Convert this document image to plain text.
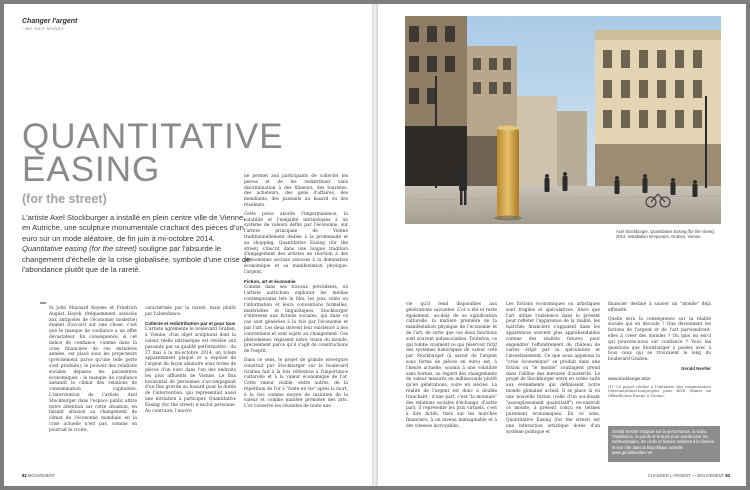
Changer l'argent
/ WE SHIT MONEY
QUANTITATIVE
EASING
(for the street)
L'artiste Axel Stockburger a installé en plein centre ville de Vienne, en Autriche, une sculpture monumentale crachant des pièces d'un euro sur un mode aléatoire, de fin juin à mi-octobre 2014. Quantitative easing (for the street) souligne par l'absurde le changement d'échelle de la crise globalisée, symbole d'une crise de l'abondance plutôt que de la rareté.

Si John Maynard Keynes et Friedrich August Hayek (fréquemment associés aux antipodes de l'économie moderne) étaient d'accord sur une chose, c'est que le manque de confiance a un effet dévastateur. En conséquence, si cet indice de confiance, comme dans la crise financière de ces dernières années, est placé sous les projecteurs (précisément parce qu'une telle perte s'est produite), le pouvoir des relations sociales dépasse les paramètres économiques : le manque de confiance anéantit le climat des relations de consommation capitaliste. L'intervention de l'artiste Axel Stockburger dans l'espace public attire notre attention sur cette situation, en faisant allusion au changement de climat de l'économie mondiale en la crise actuelle n'est pas, comme on pourrait le croire,

caractérisée par la rareté, mais plutôt par l'abondance.

Collecte et redistribution par et pour tous

L'artiste agrémente le boulevard Graben, à Vienne, d'un objet sculptural dont la valeur réelle intrinsèque est révélée aux passants par sa qualité performative : du 27 mai à la mi-octobre 2014, un totem apparemment plaqué or a expulsé de l'argent de façon aléatoire sous forme de pièces d'un euro dans l'un des endroits les plus affluents de Vienne. Le flux horizontal de personnes s'accompagnait d'un flux gravité au hasard pour la durée de l'intervention, qui représentait aussi une invitation à participer. Quantitative Easing (for the street) n'exclut personne. Au contraire, l'œuvre

ne permet aux participants de collecter les pièces et de les redistribuer sans discrimination à des flâneurs, des touristes, des acheteurs, des gens d'affaires, des mendiants, des passants au hasard ou des résidents.

Cette pièce aborde l'impermanence, la volatilité et l'inégalité intrinsèques à un système de valeurs défini par l'économie, sur l'artère principale de Vienne traditionnellement dédiée à la promenade et au shopping. Quantitative Easing (for the street) s'inscrit dans une longue tradition d'engagement des artistes en réaction à des phénomènes sociaux associés à la domination économique et sa manifestation physique, l'argent.

Fiction, art et économie

Comme dans ses travaux précédents, où l'artiste autrichien explorait les médias contemporains tels le film, les jeux vidéo ou l'information et leurs conventions formelles, matérielles et linguistiques, Stockburger s'intéresse aux fictions sociales, qui dans ce cas sont générées à la fois par l'économie et par l'art. Les deux doivent leur existence à des conventions et sont sujets au changement. Ces phénomènes régissent notre vision du monde, précisément parce qu'il s'agit de constructions de l'esprit.

Dans ce sens, le projet de grande envergure construit par Stockburger sur le boulevard Graben fait à la fois référence à l'importance culturelle et à la valeur économique de l'or. Cette valeur visible, entre autres, de la répétition de l'or à "fonte en vie" après la mort, à la fois comme moyen de maintien de la valeur et comme matière première des arts. L'or conserve les réussites de toute une

82 MOUVEMENT
Axel Stockburger, Quantitative Easing (for the street), 2014. Installation temporaire, Graben, Vienne.

vie qu'il rend disponibles aux générations suivantes. L'or a été et reste également, au-delà de sa signification culturelle, la matière première de la manifestation physique de l'économie et de l'art, de sorte que ces deux fonctions sont souvent indissociables. Toutefois, ce qui tombe vraiment ce qui réservoir fictif des systèmes historiques de valeur créé par Stockburger (à savoir de l'argent sous forme de pièces en euro) est, à l'heure actuelle, soumis à une volatilité sans bornes, au regard des changements de valeur mesurés en milliseconds plutôt qu'en générations, voire en siècles. La réalité de l'argent est donc à double tranchant : d'une part, c'est "la monnaie" des relations sociales d'échange, d'autre part, il représente les prix virtuels, c'est à dire fictifs, fixés sur les marchés financiers, à un niveau inimaginable et à des vitesses incroyables.

Les fictions économiques ou artistiques sont fragiles et spéculatives. Alors que l'art utilise l'existence dans le présent pour refléter l'apparence de la réalité, les marchés financiers s'appuient dans les apparences souvent plus appréhendables comme des réalités futures pour engendrer l'effondrement du château de cartes érigé par la spéculation et l'investissement. Ce que nous appelons la "crise économique" se produit dans une fiction où "le monde" contingent prend dans l'abîme des mesures d'austérité. Le projet de Stockburger entre en scène suite aux événements qui définissent notre monde globalisé actuel. Il se place là où une nouvelle fiction (celle d'un soi-disant "assouplissement quantitatif") reconstruit ce monde, à présent conçu en termes purement économiques. En ce sens, Quantitative Easing (for the street) est une interaction artistique dotée d'un système politique et

financier destiné à sauver un "monde" déjà effondré.

Quelle sera la conséquence sur la réalité sociale qui en découle ? Que deviennent les fictions de l'argent et de l'art parviendront-elles à créer des mondes ? Ou quoi en est-il qui pouvons-nous sur confiance ? Voici les questions que Stockburger a posées avec à tous ceux qui se trouvaient le long du boulevard Graben.

Gerald Nestler
www.stockburger.at/pr
(1) Un projet réalisé à l'initiative des commissaires Museum/Kunst.bauprojekt pour KÖR (Kunst im Öffentlichen Raum) à Vienne.
Gerald Nestler s'appuie sur la performance, la vidéo, l'installation, la parole et le texte pour questionner les méthodologies, les récits et fictions relatives à la finance et leur rôle dans la biopolitique actuelle. www.geraldnestler.net
CHANGER L'ARGENT — MOUVEMENT 83
